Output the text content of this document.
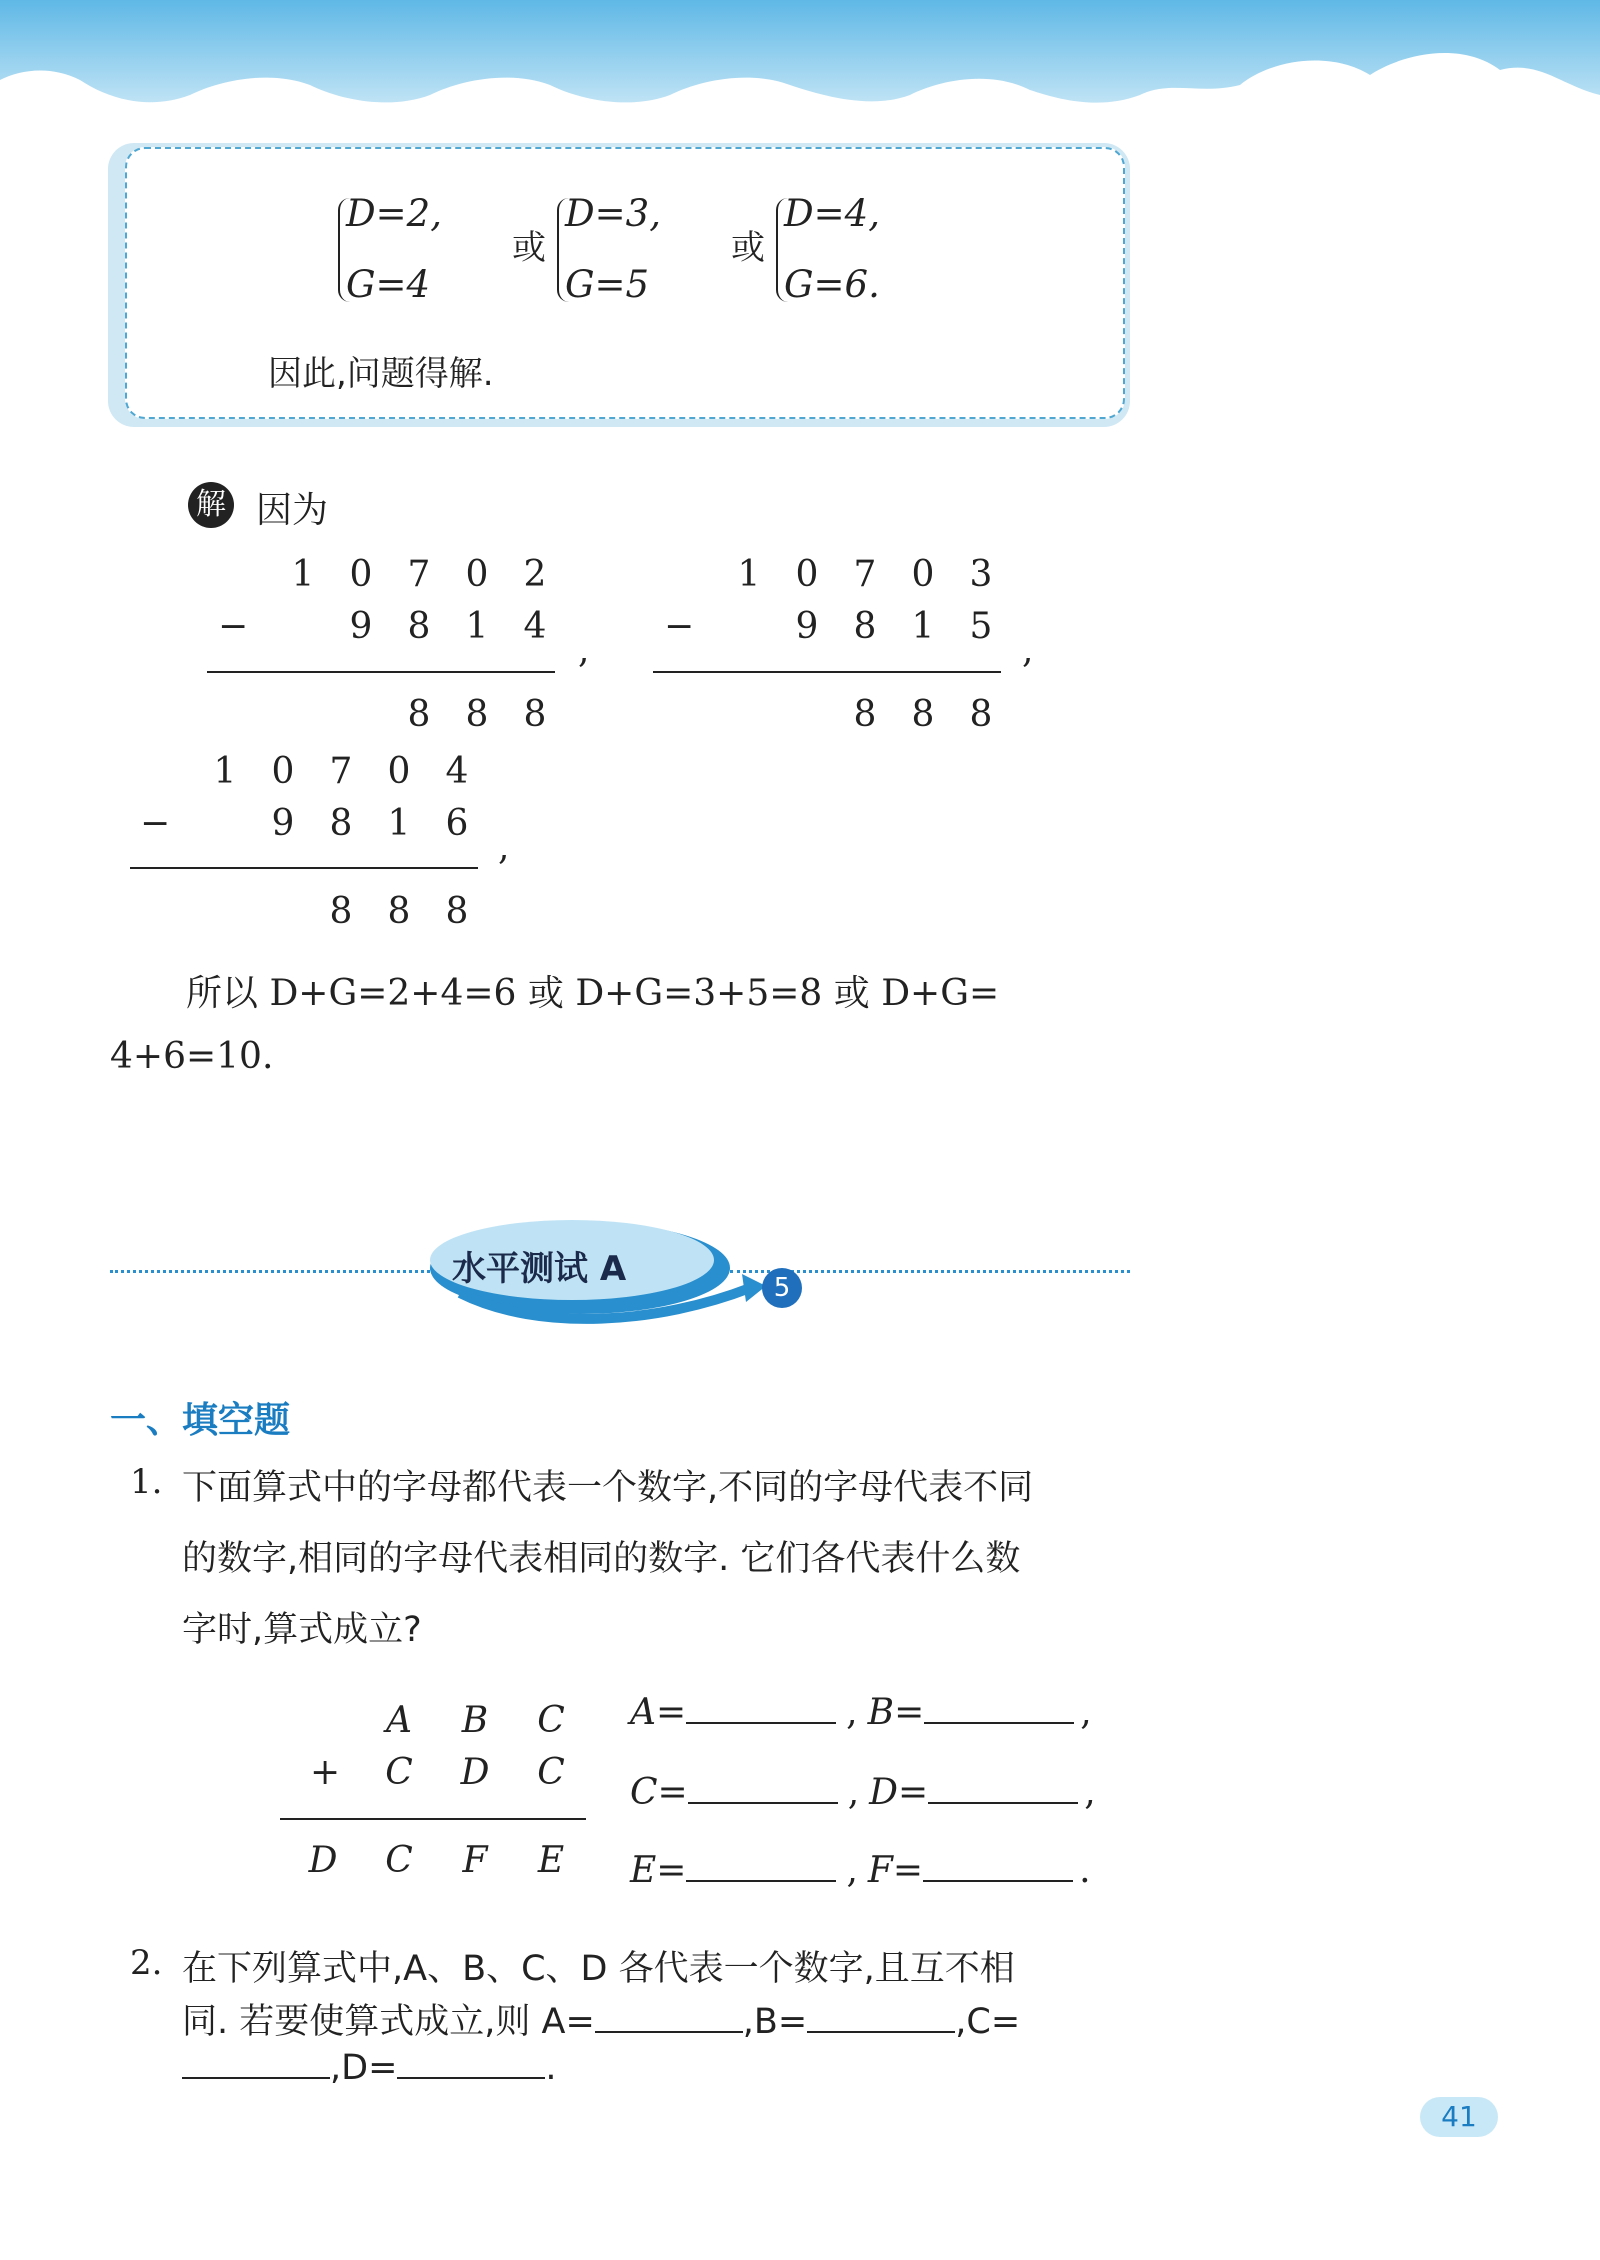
D=2,
G=4
或
D=3,
G=5
或
D=4,
G=6.
因此,问题得解.
解 因为
1 0 7 0 2
−	9 8 1 4
,
8 8 8
1 0 7 0 3
−	9 8 1 5
,
8 8 8
1 0 7 0 4
−	9 8 1 6
,
8 8 8
所以 D+G=2+4=6 或 D+G=3+5=8 或 D+G=
4+6=10.
水平测试 A	5
一、填空题
1. 下面算式中的字母都代表一个数字,不同的字母代表不同
的数字,相同的字母代表相同的数字. 它们各代表什么数
字时,算式成立?
A B C
+ C D C
D C F E
A=	, B=	,
C=	, D=	,
E=	, F=	.
2. 在下列算式中,A、B、C、D 各代表一个数字,且互不相
同. 若要使算式成立,则 A=	,B=	,C=
,D=	.
41
